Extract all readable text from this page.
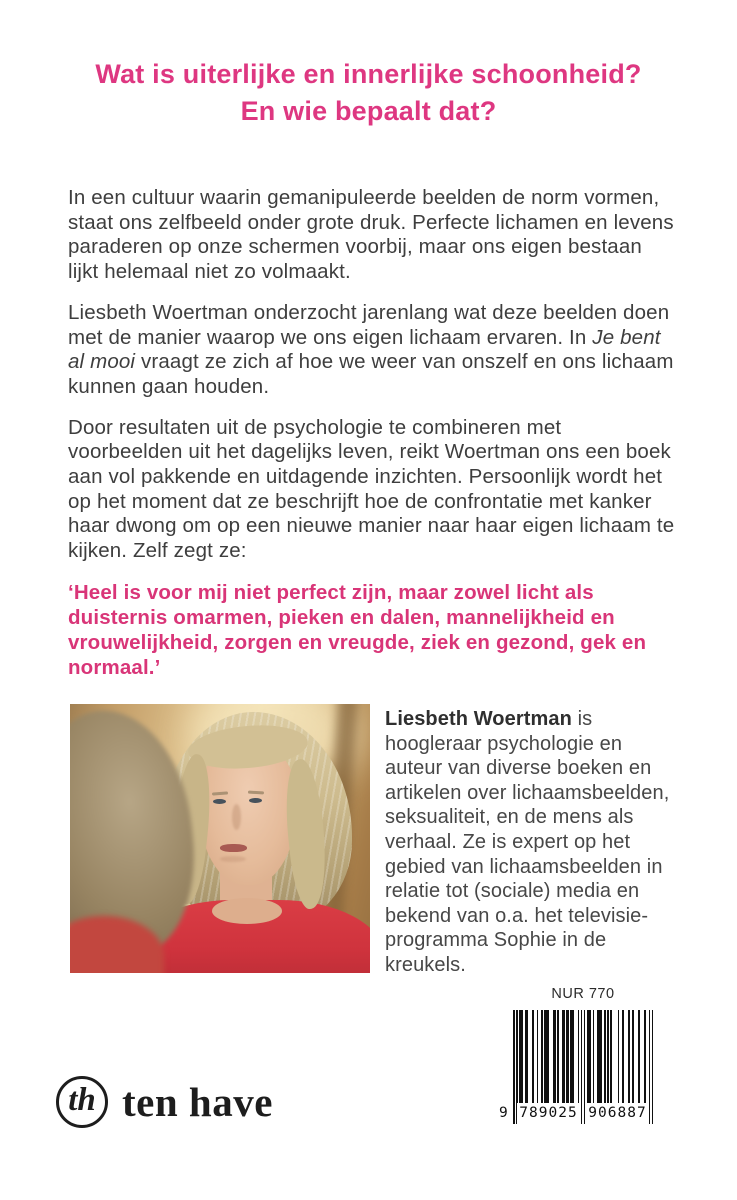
Wat is uiterlijke en innerlijke schoonheid?
En wie bepaalt dat?

In een cultuur waarin gemanipuleerde beelden de norm vormen, staat ons zelfbeeld onder grote druk. Perfecte lichamen en levens paraderen op onze schermen voorbij, maar ons eigen bestaan lijkt helemaal niet zo volmaakt.

Liesbeth Woertman onderzocht jarenlang wat deze beelden doen met de manier waarop we ons eigen lichaam ervaren. In Je bent al mooi vraagt ze zich af hoe we weer van onszelf en ons lichaam kunnen gaan houden.

Door resultaten uit de psychologie te combineren met voorbeelden uit het dagelijks leven, reikt Woertman ons een boek aan vol pakkende en uitdagende inzichten. Persoonlijk wordt het op het moment dat ze beschrijft hoe de confrontatie met kanker haar dwong om op een nieuwe manier naar haar eigen lichaam te kijken. Zelf zegt ze:

‘Heel is voor mij niet perfect zijn, maar zowel licht als duisternis omarmen, pieken en dalen, mannelijkheid en vrouwelijkheid, zorgen en vreugde, ziek en gezond, gek en normaal.’

Liesbeth Woertman is hoogleraar psychologie en auteur van diverse boeken en artikelen over lichaamsbeelden, seksualiteit, en de mens als verhaal. Ze is expert op het gebied van lichaamsbeelden in relatie tot (sociale) media en bekend van o.a. het televisie-programma Sophie in de kreukels.
NUR 770
9 789025 906887
th ten have
